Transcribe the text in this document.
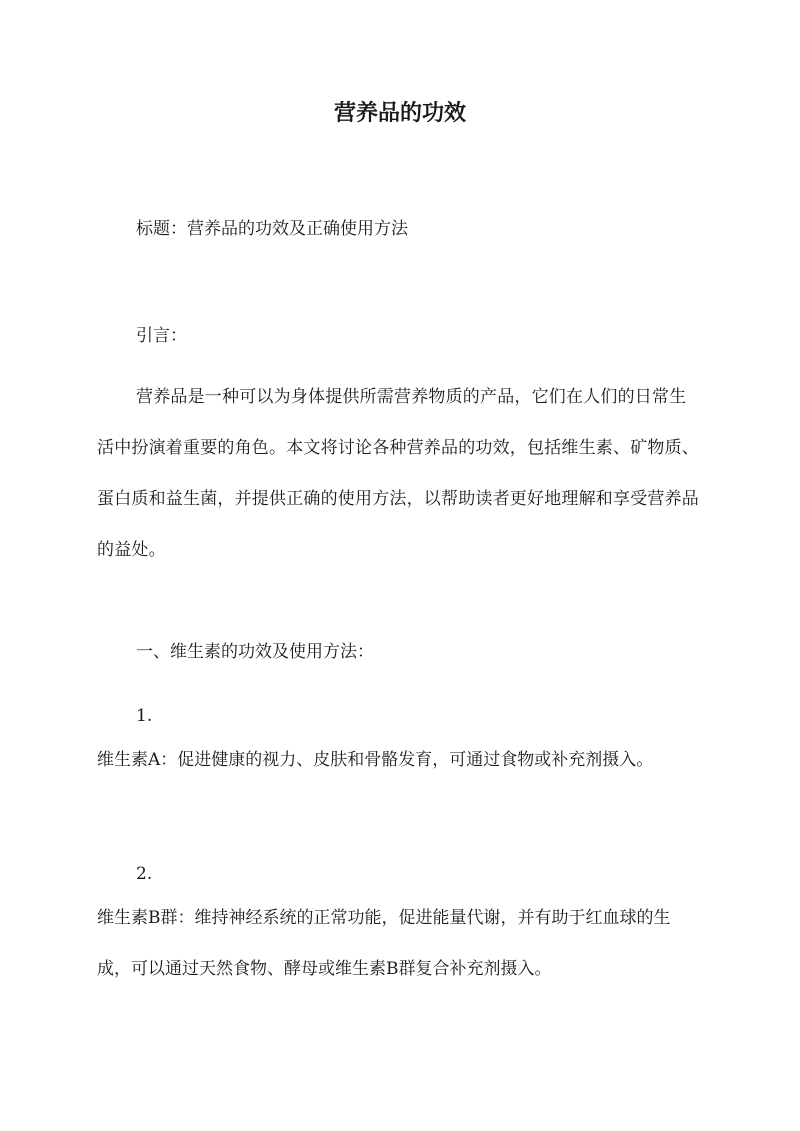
营养品的功效

标题：营养品的功效及正确使用方法

引言：

营养品是一种可以为身体提供所需营养物质的产品，它们在人们的日常生活中扮演着重要的角色。本文将讨论各种营养品的功效，包括维生素、矿物质、蛋白质和益生菌，并提供正确的使用方法，以帮助读者更好地理解和享受营养品的益处。

一、维生素的功效及使用方法：

1.

维生素A：促进健康的视力、皮肤和骨骼发育，可通过食物或补充剂摄入。

2.

维生素B群：维持神经系统的正常功能，促进能量代谢，并有助于红血球的生成，可以通过天然食物、酵母或维生素B群复合补充剂摄入。
